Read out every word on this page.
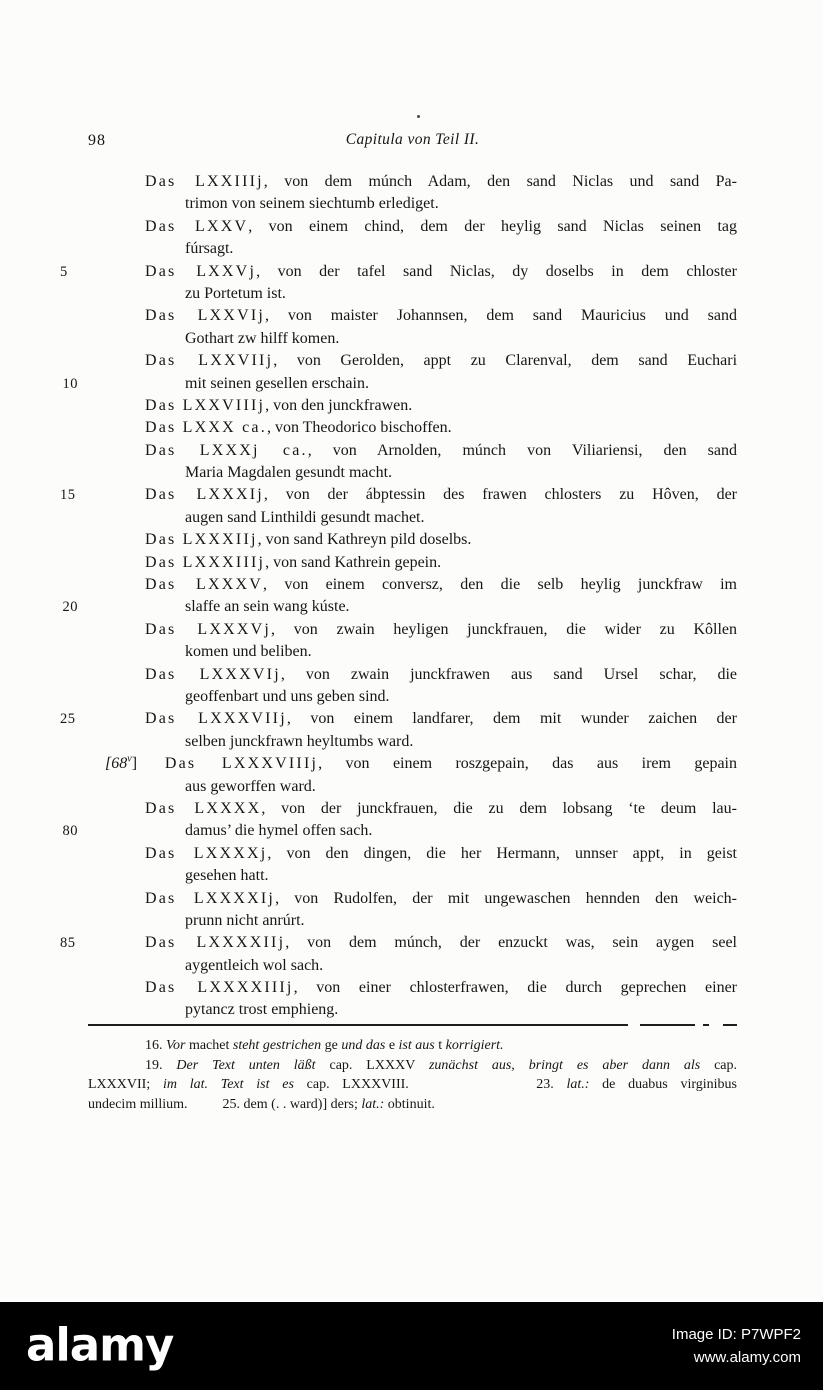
98	Capitula von Teil II.
Das LXXIIIj, von dem múnch Adam, den sand Niclas und sand Pa-
trimon von seinem siechtumb erlediget.
Das LXXV, von einem chind, dem der heylig sand Niclas seinen tag
fúrsagt.
5	Das LXXVj, von der tafel sand Niclas, dy doselbs in dem chloster
zu Portetum ist.
Das LXXVIj, von maister Johannsen, dem sand Mauricius und sand
Gothart zw hilff komen.
Das LXXVIIj, von Gerolden, appt zu Clarenval, dem sand Euchari
10	mit seinen gesellen erschain.
Das LXXVIIIj, von den junckfrawen.
Das LXXX ca., von Theodorico bischoffen.
Das LXXXj ca., von Arnolden, múnch von Viliariensi, den sand
Maria Magdalen gesundt macht.
15	Das LXXXIj, von der ábptessin des frawen chlosters zu Hôven, der
augen sand Linthildi gesundt machet.
Das LXXXIIj, von sand Kathreyn pild doselbs.
Das LXXXIIIj, von sand Kathrein gepein.
Das LXXXV, von einem conversz, den die selb heylig junckfraw im
20	slaffe an sein wang kúste.
Das LXXXVj, von zwain heyligen junckfrauen, die wider zu Kôllen
komen und beliben.
Das LXXXVIj, von zwain junckfrawen aus sand Ursel schar, die
geoffenbart und uns geben sind.
25	Das LXXXVIIj, von einem landfarer, dem mit wunder zaichen der
selben junckfrawn heyltumbs ward.
[68$^v$] Das LXXXVIIIj, von einem roszgepain, das aus irem gepain
aus geworffen ward.
Das LXXXX, von der junckfrauen, die zu dem lobsang ‘te deum lau-
80	damus’ die hymel offen sach.
Das LXXXXj, von den dingen, die her Hermann, unnser appt, in geist
gesehen hatt.
Das LXXXXIj, von Rudolfen, der mit ungewaschen hennden den weich-
prunn nicht anrúrt.
85	Das LXXXXIIj, von dem múnch, der enzuckt was, sein aygen seel
aygentleich wol sach.
Das LXXXXIIIj, von einer chlosterfrawen, die durch geprechen einer
pytancz trost emphieng.
16. Vor machet steht gestrichen ge und das e ist aus t korrigiert.
19. Der Text unten läßt cap. LXXXV zunächst aus, bringt es aber dann als cap.
LXXXVII; im lat. Text ist es cap. LXXXVIII.	23. lat.: de duabus virginibus
undecim millium.	25. dem (. . ward)] ders; lat.: obtinuit.
alamy	Image ID: P7WPF2
www.alamy.com
